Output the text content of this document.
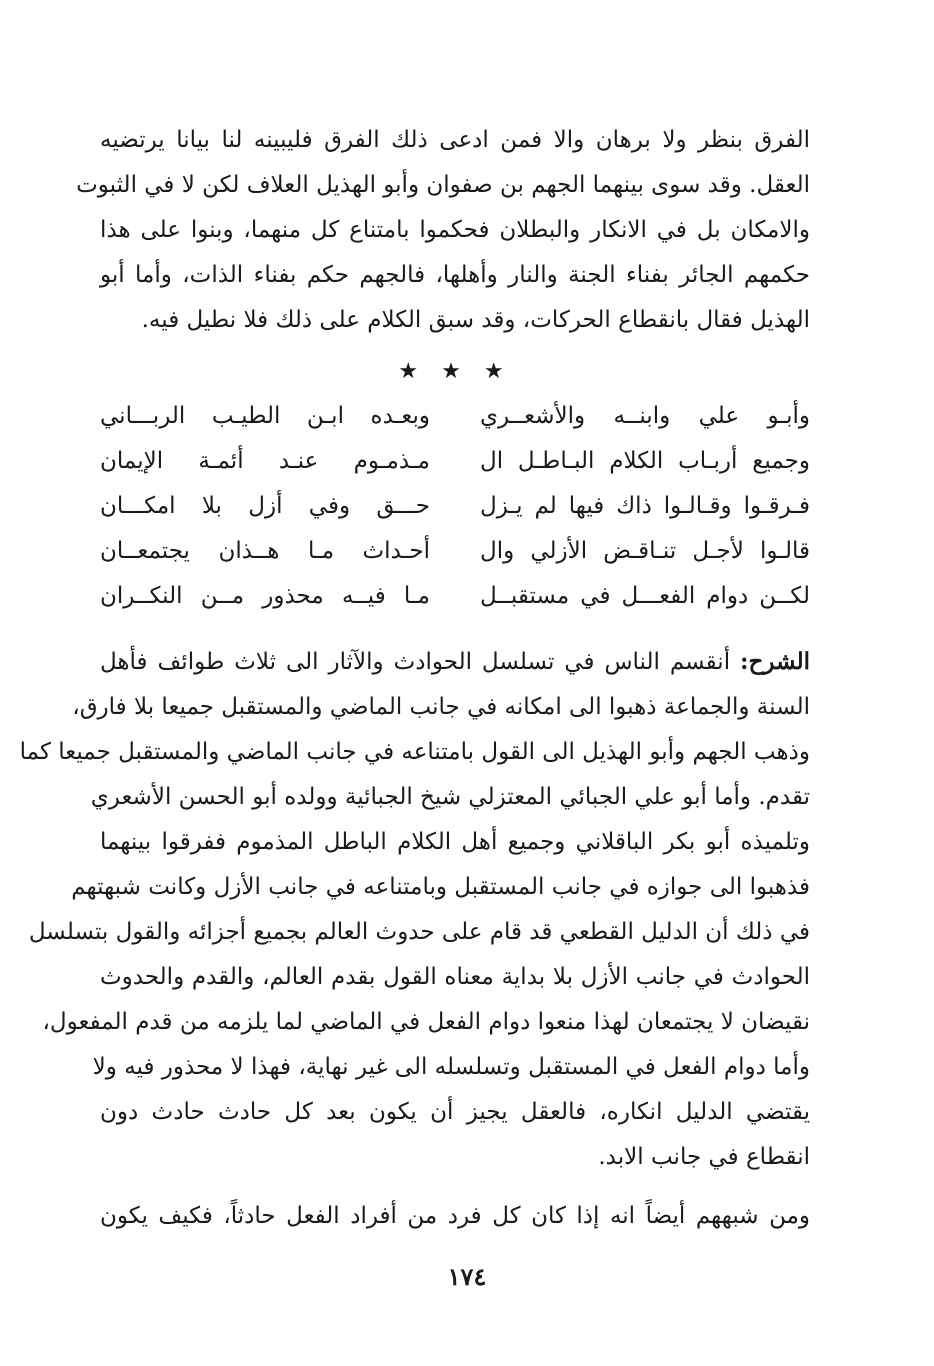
الفرق بنظر ولا برهان والا فمن ادعى ذلك الفرق فليبينه لنا بيانا يرتضيه
العقل. وقد سوى بينهما الجهم بن صفوان وأبو الهذيل العلاف لكن لا في الثبوت
والامكان بل في الانكار والبطلان فحكموا بامتناع كل منهما، وبنوا على هذا
حكمهم الجائر بفناء الجنة والنار وأهلها، فالجهم حكم بفناء الذات، وأما أبو
الهذيل فقال بانقطاع الحركات، وقد سبق الكلام على ذلك فلا نطيل فيه.
★ ★ ★
وأبـو علي وابنــه والأشعــري
وبعـده ابـن الطيـب الربـــاني
وجميع أربـاب الكلام البـاطـل ال
مـذمـوم عنـد أئمـة الإيمان
فـرقـوا وقـالـوا ذاك فيها لم يـزل
حـــق وفي أزل بلا امكـــان
قالـوا لأجـل تنـاقـض الأزلي وال
أحـداث مـا هــذان يجتمعــان
لكــن دوام الفعـــل في مستقبــل
مـا فيــه محذور مــن النكــران
الشرح: أنقسم الناس في تسلسل الحوادث والآثار الى ثلاث طوائف فأهل
السنة والجماعة ذهبوا الى امكانه في جانب الماضي والمستقبل جميعا بلا فارق،
وذهب الجهم وأبو الهذيل الى القول بامتناعه في جانب الماضي والمستقبل جميعا كما
تقدم. وأما أبو علي الجبائي المعتزلي شيخ الجبائية وولده أبو الحسن الأشعري
وتلميذه أبو بكر الباقلاني وجميع أهل الكلام الباطل المذموم ففرقوا بينهما
فذهبوا الى جوازه في جانب المستقبل وبامتناعه في جانب الأزل وكانت شبهتهم
في ذلك أن الدليل القطعي قد قام على حدوث العالم بجميع أجزائه والقول بتسلسل
الحوادث في جانب الأزل بلا بداية معناه القول بقدم العالم، والقدم والحدوث
نقيضان لا يجتمعان لهذا منعوا دوام الفعل في الماضي لما يلزمه من قدم المفعول،
وأما دوام الفعل في المستقبل وتسلسله الى غير نهاية، فهذا لا محذور فيه ولا
يقتضي الدليل انكاره، فالعقل يجيز أن يكون بعد كل حادث حادث دون
انقطاع في جانب الابد.
ومن شبههم أيضاً انه إذا كان كل فرد من أفراد الفعل حادثاً، فكيف يكون
١٧٤
